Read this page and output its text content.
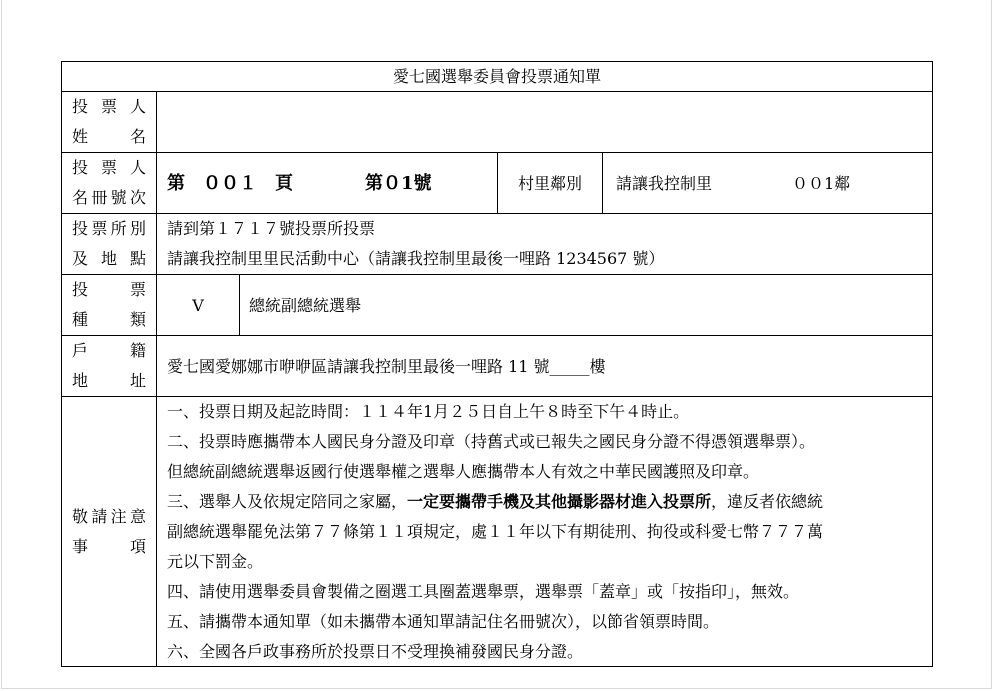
愛七國選舉委員會投票通知單
投 票 人
姓　　名
投 票 人
名冊號次
第　００１　頁　　　　第０1號	村里鄰別	請讓我控制里　　　　　００1鄰
投票所別
及 地 點
請到第１７１７號投票所投票
請讓我控制里里民活動中心（請讓我控制里最後一哩路 1234567 號）
投　　票
種　　類
V	總統副總統選舉
戶　　籍
地　　址
愛七國愛娜娜市咿咿區請讓我控制里最後一哩路 11 號_____樓
敬請注意
事　　項
一、投票日期及起訖時間：１１４年1月２５日自上午８時至下午４時止。
二、投票時應攜帶本人國民身分證及印章（持舊式或已報失之國民身分證不得憑領選舉票）。
但總統副總統選舉返國行使選舉權之選舉人應攜帶本人有效之中華民國護照及印章。
三、選舉人及依規定陪同之家屬，一定要攜帶手機及其他攝影器材進入投票所，違反者依總統
副總統選舉罷免法第７７條第１１項規定，處１１年以下有期徒刑、拘役或科愛七幣７７７萬
元以下罰金。
四、請使用選舉委員會製備之圈選工具圈蓋選舉票，選舉票「蓋章」或「按指印」，無效。
五、請攜帶本通知單（如未攜帶本通知單請記住名冊號次），以節省領票時間。
六、全國各戶政事務所於投票日不受理換補發國民身分證。
